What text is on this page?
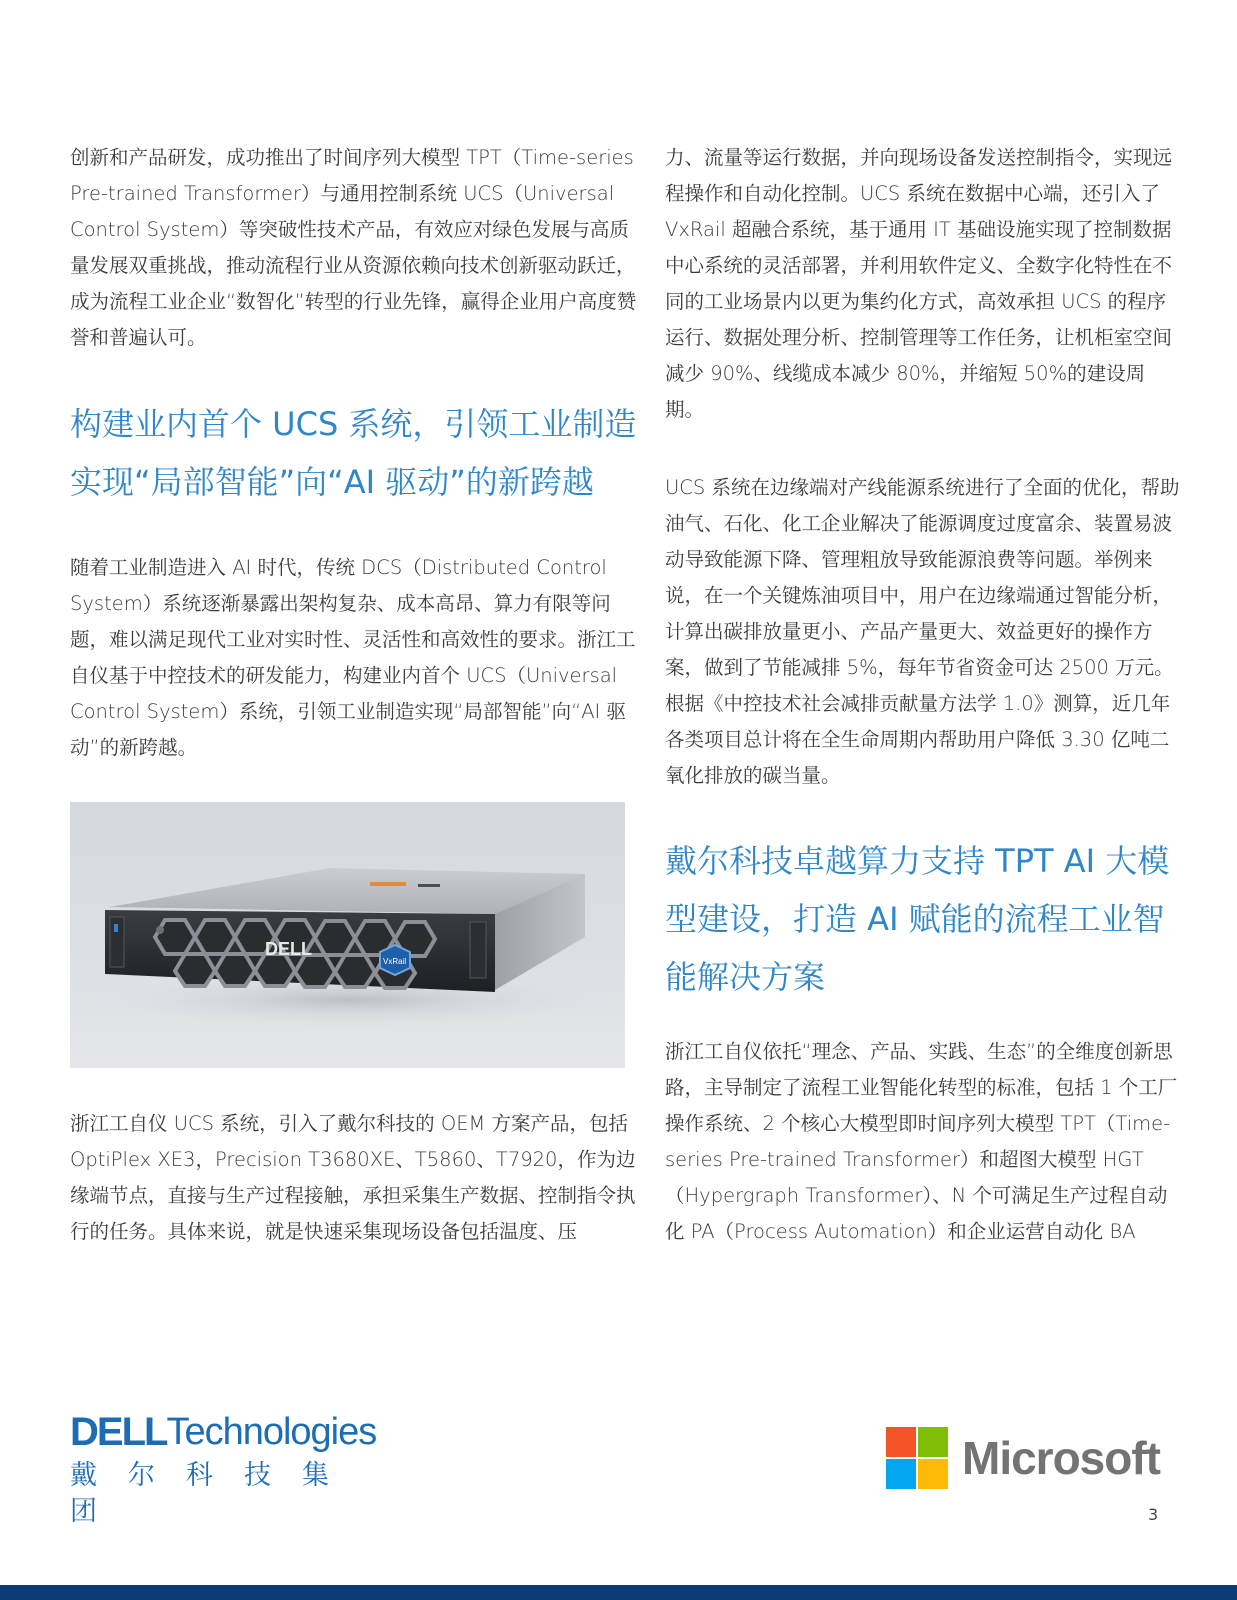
创新和产品研发，成功推出了时间序列大模型 TPT（Time-series Pre-trained Transformer）与通用控制系统 UCS（Universal Control System）等突破性技术产品，有效应对绿色发展与高质量发展双重挑战，推动流程行业从资源依赖向技术创新驱动跃迁，成为流程工业企业“数智化”转型的行业先锋，赢得企业用户高度赞誉和普遍认可。

构建业内首个 UCS 系统，引领工业制造实现“局部智能”向“AI 驱动”的新跨越

随着工业制造进入 AI 时代，传统 DCS（Distributed Control System）系统逐渐暴露出架构复杂、成本高昂、算力有限等问题，难以满足现代工业对实时性、灵活性和高效性的要求。浙江工自仪基于中控技术的研发能力，构建业内首个 UCS（Universal Control System）系统，引领工业制造实现“局部智能”向“AI 驱动”的新跨越。

DELL
VxRail

浙江工自仪 UCS 系统，引入了戴尔科技的 OEM 方案产品，包括 OptiPlex XE3，Precision T3680XE、T5860、T7920，作为边缘端节点，直接与生产过程接触，承担采集生产数据、控制指令执行的任务。具体来说，就是快速采集现场设备包括温度、压

力、流量等运行数据，并向现场设备发送控制指令，实现远程操作和自动化控制。UCS 系统在数据中心端，还引入了 VxRail 超融合系统，基于通用 IT 基础设施实现了控制数据中心系统的灵活部署，并利用软件定义、全数字化特性在不同的工业场景内以更为集约化方式，高效承担 UCS 的程序运行、数据处理分析、控制管理等工作任务，让机柜室空间减少 90%、线缆成本减少 80%，并缩短 50%的建设周期。

UCS 系统在边缘端对产线能源系统进行了全面的优化，帮助油气、石化、化工企业解决了能源调度过度富余、装置易波动导致能源下降、管理粗放导致能源浪费等问题。举例来说，在一个关键炼油项目中，用户在边缘端通过智能分析，计算出碳排放量更小、产品产量更大、效益更好的操作方案，做到了节能减排 5%，每年节省资金可达 2500 万元。根据《中控技术社会减排贡献量方法学 1.0》测算，近几年各类项目总计将在全生命周期内帮助用户降低 3.30 亿吨二氧化排放的碳当量。

戴尔科技卓越算力支持 TPT AI 大模型建设，打造 AI 赋能的流程工业智能解决方案

浙江工自仪依托“理念、产品、实践、生态”的全维度创新思路，主导制定了流程工业智能化转型的标准，包括 1 个工厂操作系统、2 个核心大模型即时间序列大模型 TPT（Time-series Pre-trained Transformer）和超图大模型 HGT（Hypergraph Transformer）、N 个可满足生产过程自动化 PA（Process Automation）和企业运营自动化 BA

DELL Technologies
戴尔科技集团
Microsoft
3
